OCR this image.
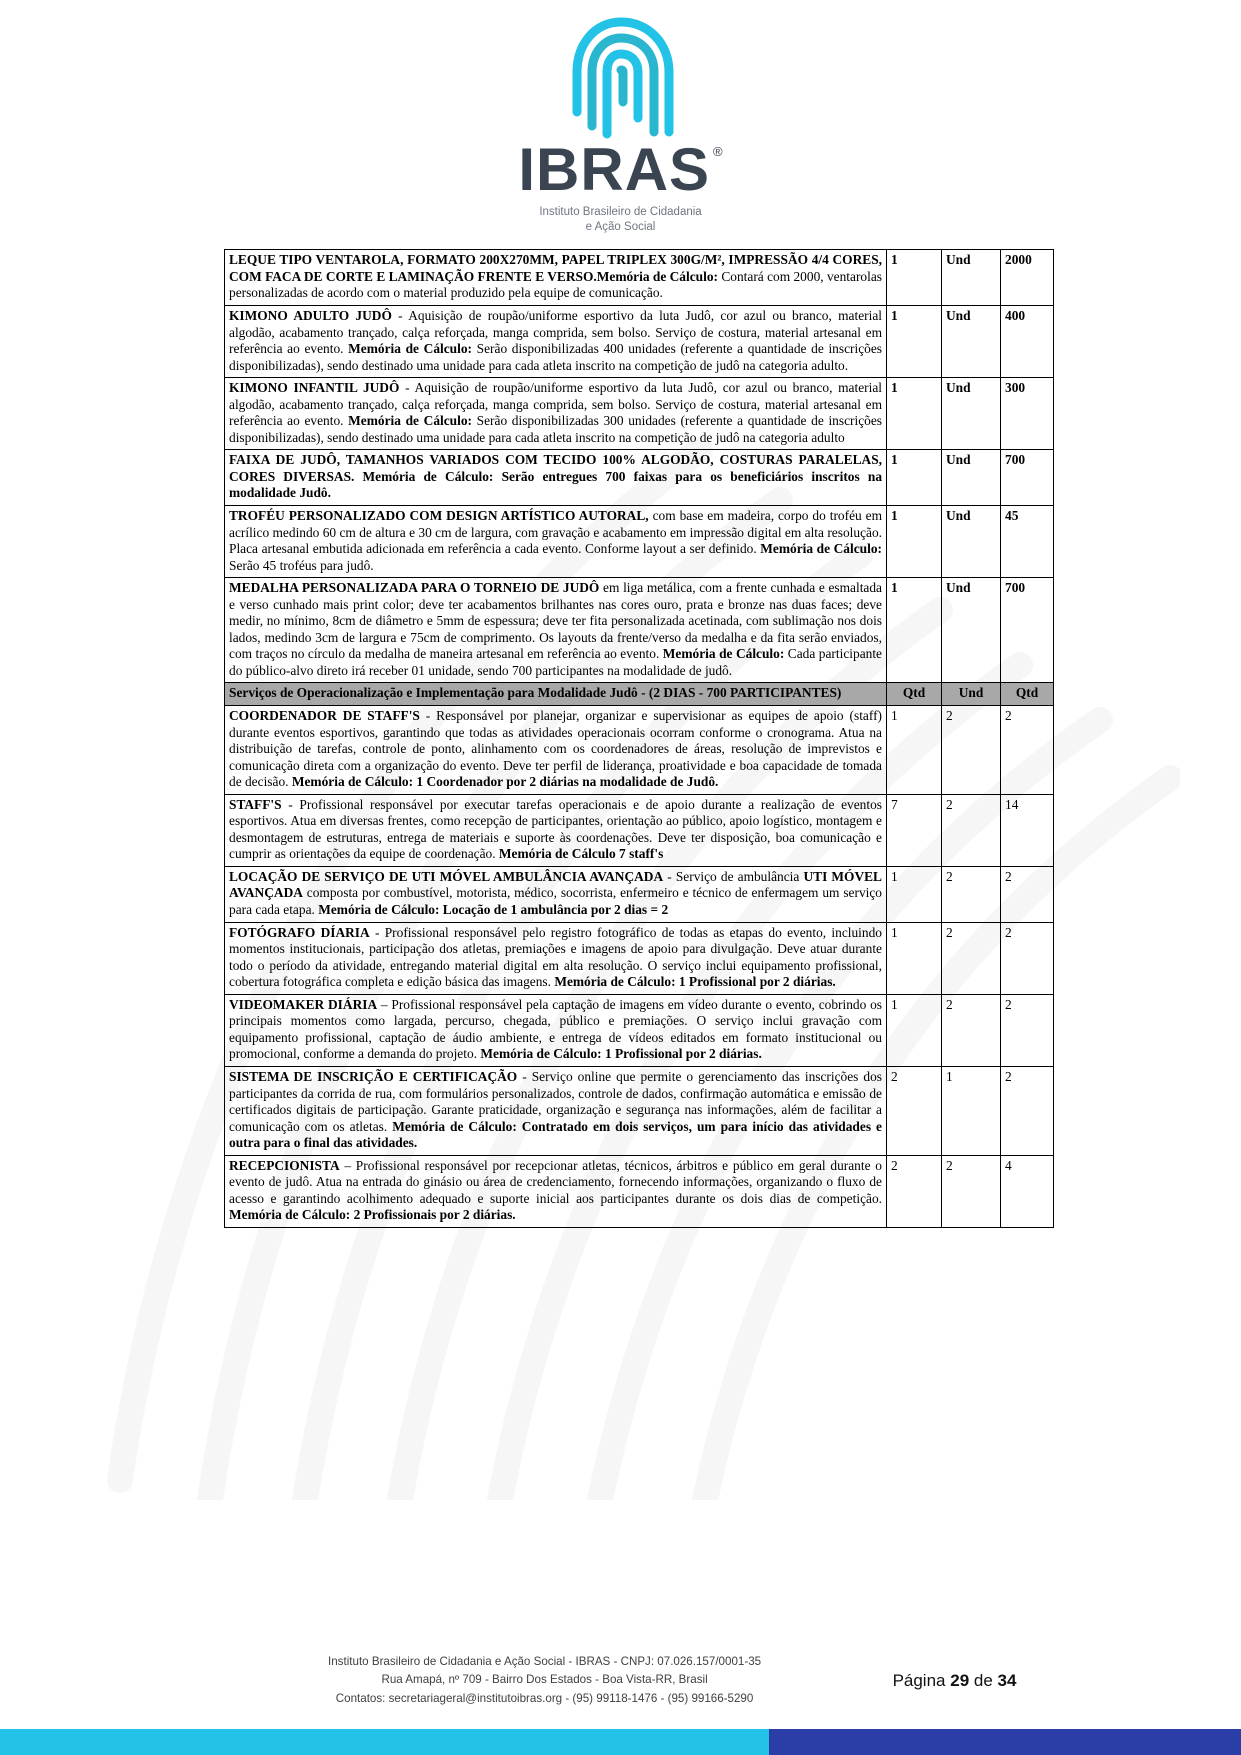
IBRAS ®
Instituto Brasileiro de Cidadania
e Ação Social
LEQUE TIPO VENTAROLA, FORMATO 200X270MM, PAPEL TRIPLEX 300G/M², IMPRESSÃO 4/4 CORES, COM FACA DE CORTE E LAMINAÇÃO FRENTE E VERSO.Memória de Cálculo: Contará com 2000, ventarolas personalizadas de acordo com o material produzido pela equipe de comunicação.	1	Und	2000
KIMONO ADULTO JUDÔ - Aquisição de roupão/uniforme esportivo da luta Judô, cor azul ou branco, material algodão, acabamento trançado, calça reforçada, manga comprida, sem bolso. Serviço de costura, material artesanal em referência ao evento. Memória de Cálculo: Serão disponibilizadas 400 unidades (referente a quantidade de inscrições disponibilizadas), sendo destinado uma unidade para cada atleta inscrito na competição de judô na categoria adulto.	1	Und	400
KIMONO INFANTIL JUDÔ - Aquisição de roupão/uniforme esportivo da luta Judô, cor azul ou branco, material algodão, acabamento trançado, calça reforçada, manga comprida, sem bolso. Serviço de costura, material artesanal em referência ao evento. Memória de Cálculo: Serão disponibilizadas 300 unidades (referente a quantidade de inscrições disponibilizadas), sendo destinado uma unidade para cada atleta inscrito na competição de judô na categoria adulto	1	Und	300
FAIXA DE JUDÔ, TAMANHOS VARIADOS COM TECIDO 100% ALGODÃO, COSTURAS PARALELAS, CORES DIVERSAS. Memória de Cálculo: Serão entregues 700 faixas para os beneficiários inscritos na modalidade Judô.	1	Und	700
TROFÉU PERSONALIZADO COM DESIGN ARTÍSTICO AUTORAL, com base em madeira, corpo do troféu em acrílico medindo 60 cm de altura e 30 cm de largura, com gravação e acabamento em impressão digital em alta resolução. Placa artesanal embutida adicionada em referência a cada evento. Conforme layout a ser definido. Memória de Cálculo: Serão 45 troféus para judô.	1	Und	45
MEDALHA PERSONALIZADA PARA O TORNEIO DE JUDÔ em liga metálica, com a frente cunhada e esmaltada e verso cunhado mais print color; deve ter acabamentos brilhantes nas cores ouro, prata e bronze nas duas faces; deve medir, no mínimo, 8cm de diâmetro e 5mm de espessura; deve ter fita personalizada acetinada, com sublimação nos dois lados, medindo 3cm de largura e 75cm de comprimento. Os layouts da frente/verso da medalha e da fita serão enviados, com traços no círculo da medalha de maneira artesanal em referência ao evento. Memória de Cálculo: Cada participante do público-alvo direto irá receber 01 unidade, sendo 700 participantes na modalidade de judô.	1	Und	700
Serviços de Operacionalização e Implementação para Modalidade Judô - (2 DIAS - 700 PARTICIPANTES)	Qtd	Und	Qtd
COORDENADOR DE STAFF'S - Responsável por planejar, organizar e supervisionar as equipes de apoio (staff) durante eventos esportivos, garantindo que todas as atividades operacionais ocorram conforme o cronograma. Atua na distribuição de tarefas, controle de ponto, alinhamento com os coordenadores de áreas, resolução de imprevistos e comunicação direta com a organização do evento. Deve ter perfil de liderança, proatividade e boa capacidade de tomada de decisão. Memória de Cálculo: 1 Coordenador por 2 diárias na modalidade de Judô.	1	2	2
STAFF'S - Profissional responsável por executar tarefas operacionais e de apoio durante a realização de eventos esportivos. Atua em diversas frentes, como recepção de participantes, orientação ao público, apoio logístico, montagem e desmontagem de estruturas, entrega de materiais e suporte às coordenações. Deve ter disposição, boa comunicação e cumprir as orientações da equipe de coordenação. Memória de Cálculo 7 staff's	7	2	14
LOCAÇÃO DE SERVIÇO DE UTI MÓVEL AMBULÂNCIA AVANÇADA - Serviço de ambulância UTI MÓVEL AVANÇADA composta por combustível, motorista, médico, socorrista, enfermeiro e técnico de enfermagem um serviço para cada etapa. Memória de Cálculo: Locação de 1 ambulância por 2 dias = 2	1	2	2
FOTÓGRAFO DÍARIA - Profissional responsável pelo registro fotográfico de todas as etapas do evento, incluindo momentos institucionais, participação dos atletas, premiações e imagens de apoio para divulgação. Deve atuar durante todo o período da atividade, entregando material digital em alta resolução. O serviço inclui equipamento profissional, cobertura fotográfica completa e edição básica das imagens. Memória de Cálculo: 1 Profissional por 2 diárias.	1	2	2
VIDEOMAKER DIÁRIA – Profissional responsável pela captação de imagens em vídeo durante o evento, cobrindo os principais momentos como largada, percurso, chegada, público e premiações. O serviço inclui gravação com equipamento profissional, captação de áudio ambiente, e entrega de vídeos editados em formato institucional ou promocional, conforme a demanda do projeto. Memória de Cálculo: 1 Profissional por 2 diárias.	1	2	2
SISTEMA DE INSCRIÇÃO E CERTIFICAÇÃO - Serviço online que permite o gerenciamento das inscrições dos participantes da corrida de rua, com formulários personalizados, controle de dados, confirmação automática e emissão de certificados digitais de participação. Garante praticidade, organização e segurança nas informações, além de facilitar a comunicação com os atletas. Memória de Cálculo: Contratado em dois serviços, um para início das atividades e outra para o final das atividades.	2	1	2
RECEPCIONISTA – Profissional responsável por recepcionar atletas, técnicos, árbitros e público em geral durante o evento de judô. Atua na entrada do ginásio ou área de credenciamento, fornecendo informações, organizando o fluxo de acesso e garantindo acolhimento adequado e suporte inicial aos participantes durante os dois dias de competição. Memória de Cálculo: 2 Profissionais por 2 diárias.	2	2	4
Instituto Brasileiro de Cidadania e Ação Social - IBRAS - CNPJ: 07.026.157/0001-35
Rua Amapá, nº 709 - Bairro Dos Estados - Boa Vista-RR, Brasil
Contatos: secretariageral@institutoibras.org - (95) 99118-1476 - (95) 99166-5290
Página 29 de 34
